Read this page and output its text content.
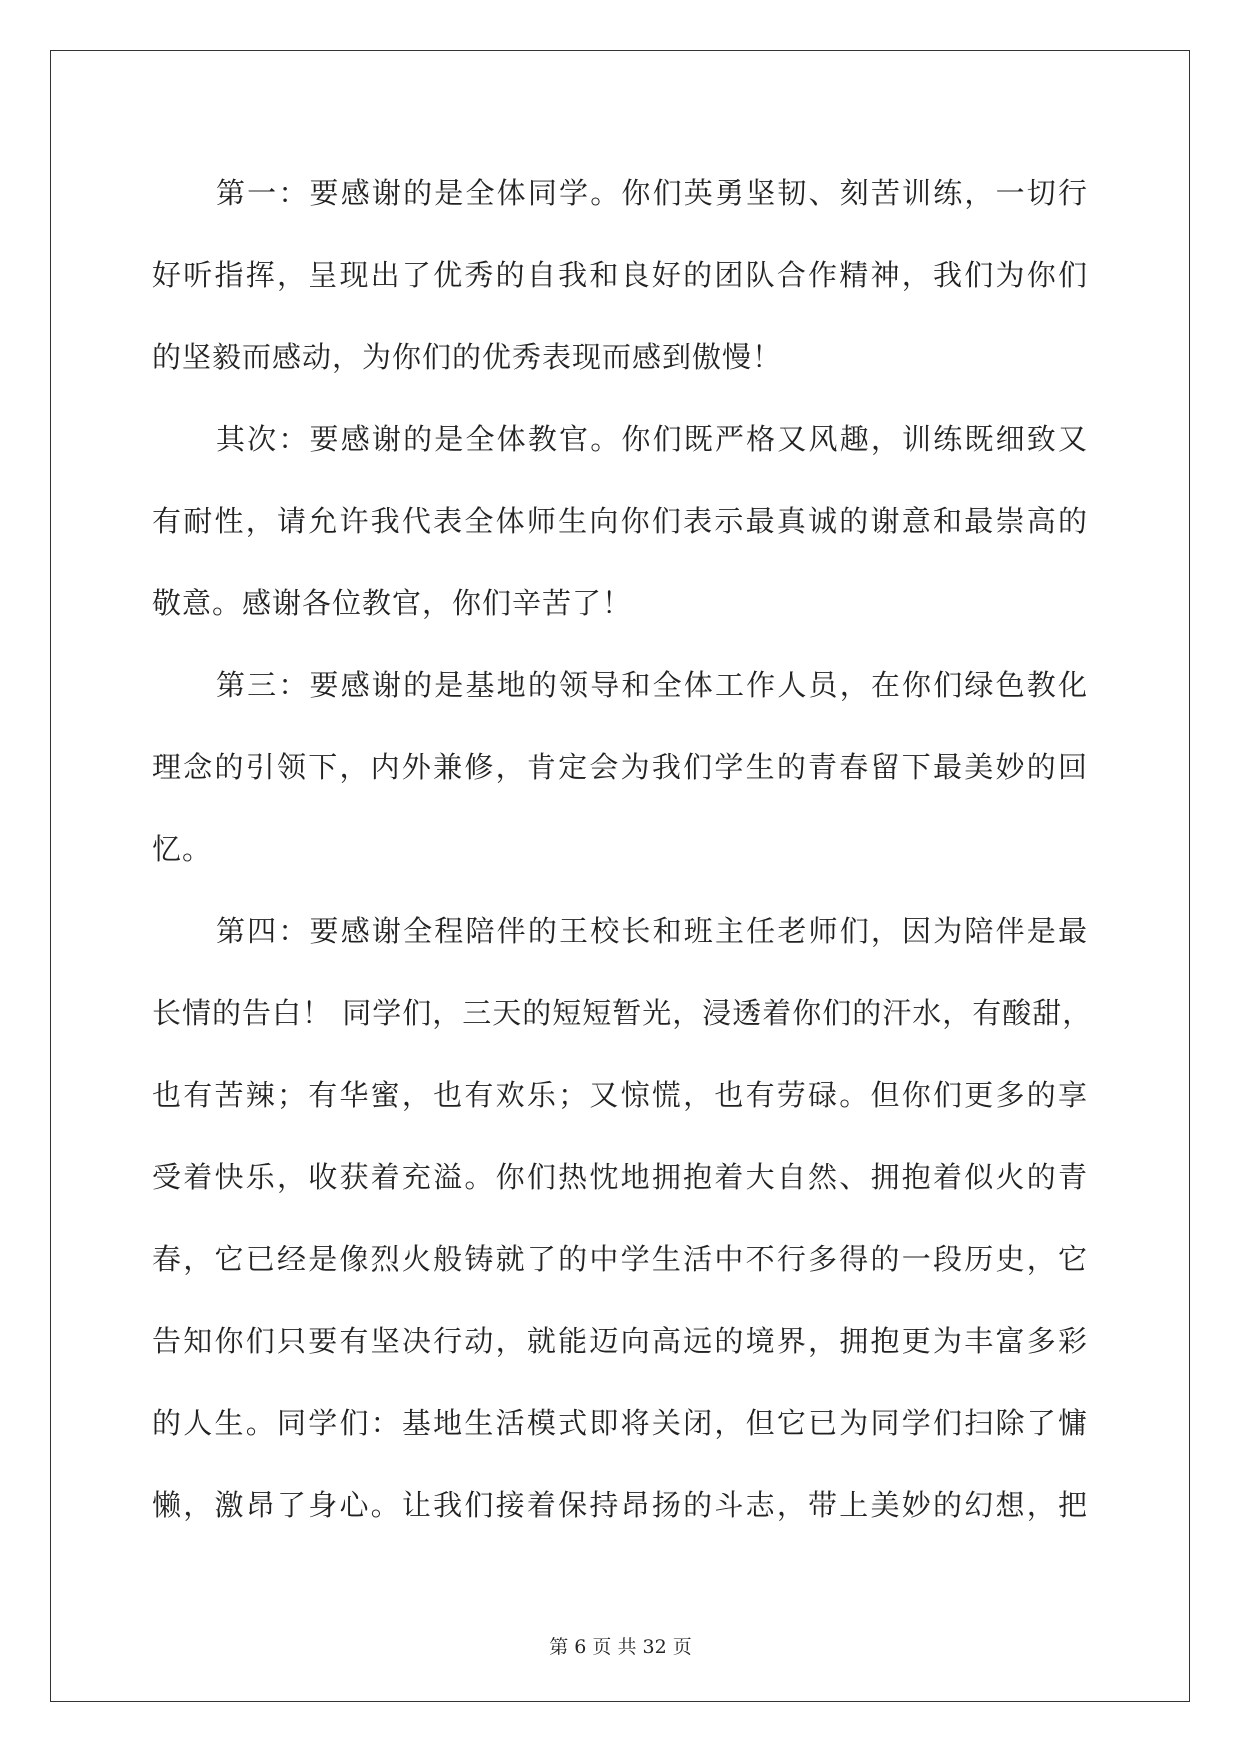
第一：要感谢的是全体同学。你们英勇坚韧、刻苦训练，一切行
好听指挥，呈现出了优秀的自我和良好的团队合作精神，我们为你们
的坚毅而感动，为你们的优秀表现而感到傲慢！
其次：要感谢的是全体教官。你们既严格又风趣，训练既细致又
有耐性，请允许我代表全体师生向你们表示最真诚的谢意和最崇高的
敬意。感谢各位教官，你们辛苦了！
第三：要感谢的是基地的领导和全体工作人员，在你们绿色教化
理念的引领下，内外兼修，肯定会为我们学生的青春留下最美妙的回
忆。
第四：要感谢全程陪伴的王校长和班主任老师们，因为陪伴是最
长情的告白！ 同学们，三天的短短暂光，浸透着你们的汗水，有酸甜，
也有苦辣；有华蜜，也有欢乐；又惊慌，也有劳碌。但你们更多的享
受着快乐，收获着充溢。你们热忱地拥抱着大自然、拥抱着似火的青
春，它已经是像烈火般铸就了的中学生活中不行多得的一段历史，它
告知你们只要有坚决行动，就能迈向高远的境界，拥抱更为丰富多彩
的人生。同学们：基地生活模式即将关闭，但它已为同学们扫除了慵
懒，激昂了身心。让我们接着保持昂扬的斗志，带上美妙的幻想，把
第 6 页 共 32 页
